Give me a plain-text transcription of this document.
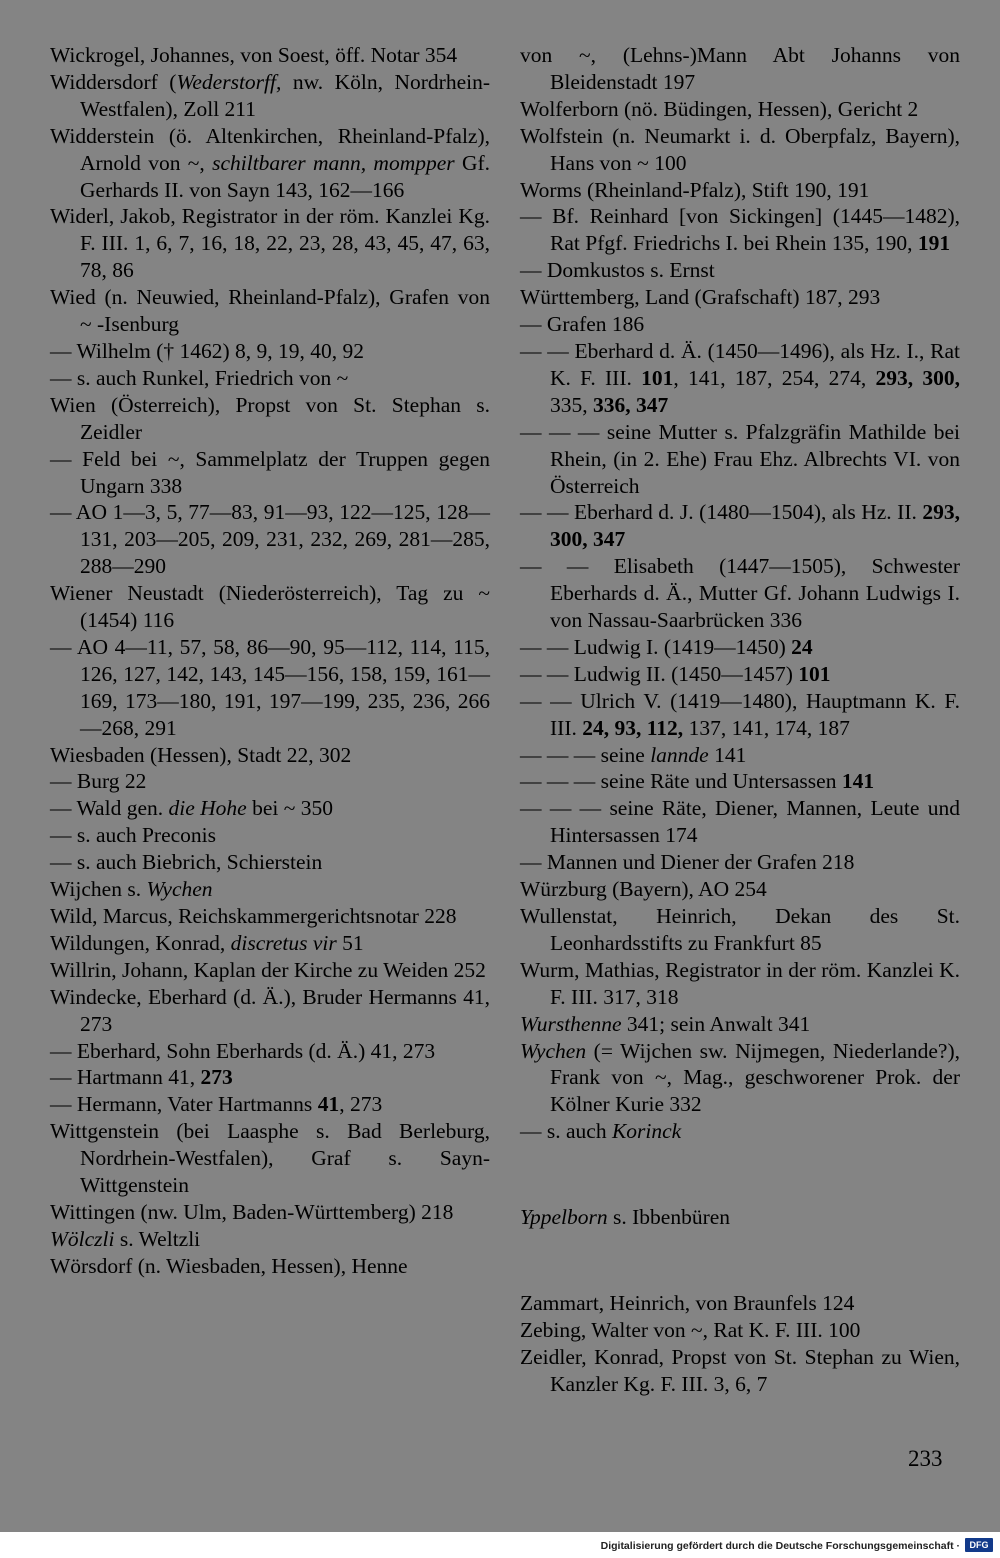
Wickrogel, Johannes, von Soest, öff. Notar 354

Widdersdorf (Wederstorff, nw. Köln, Nordrhein-Westfalen), Zoll 211

Widderstein (ö. Altenkirchen, Rheinland-Pfalz), Arnold von ~, schiltbarer mann, mompper Gf. Gerhards II. von Sayn 143, 162—166

Widerl, Jakob, Registrator in der röm. Kanzlei Kg. F. III. 1, 6, 7, 16, 18, 22, 23, 28, 43, 45, 47, 63, 78, 86

Wied (n. Neuwied, Rheinland-Pfalz), Grafen von ~ -Isenburg

— Wilhelm († 1462) 8, 9, 19, 40, 92

— s. auch Runkel, Friedrich von ~

Wien (Österreich), Propst von St. Stephan s. Zeidler

— Feld bei ~, Sammelplatz der Truppen gegen Ungarn 338

— AO 1—3, 5, 77—83, 91—93, 122—125, 128—131, 203—205, 209, 231, 232, 269, 281—285, 288—290

Wiener Neustadt (Niederösterreich), Tag zu ~ (1454) 116

— AO 4—11, 57, 58, 86—90, 95—112, 114, 115, 126, 127, 142, 143, 145—156, 158, 159, 161—169, 173—180, 191, 197—199, 235, 236, 266—268, 291

Wiesbaden (Hessen), Stadt 22, 302

— Burg 22

— Wald gen. die Hohe bei ~ 350

— s. auch Preconis

— s. auch Biebrich, Schierstein

Wijchen s. Wychen

Wild, Marcus, Reichskammergerichtsnotar 228

Wildungen, Konrad, discretus vir 51

Willrin, Johann, Kaplan der Kirche zu Weiden 252

Windecke, Eberhard (d. Ä.), Bruder Hermanns 41, 273

— Eberhard, Sohn Eberhards (d. Ä.) 41, 273

— Hartmann 41, 273

— Hermann, Vater Hartmanns 41, 273

Wittgenstein (bei Laasphe s. Bad Berleburg, Nordrhein-Westfalen), Graf s. Sayn-Wittgenstein

Wittingen (nw. Ulm, Baden-Württemberg) 218

Wölczli s. Weltzli

Wörsdorf (n. Wiesbaden, Hessen), Henne

von ~, (Lehns-)Mann Abt Johanns von Bleidenstadt 197

Wolferborn (nö. Büdingen, Hessen), Gericht 2

Wolfstein (n. Neumarkt i. d. Oberpfalz, Bayern), Hans von ~ 100

Worms (Rheinland-Pfalz), Stift 190, 191

— Bf. Reinhard [von Sickingen] (1445—1482), Rat Pfgf. Friedrichs I. bei Rhein 135, 190, 191

— Domkustos s. Ernst

Württemberg, Land (Grafschaft) 187, 293

— Grafen 186

— — Eberhard d. Ä. (1450—1496), als Hz. I., Rat K. F. III. 101, 141, 187, 254, 274, 293, 300, 335, 336, 347

— — — seine Mutter s. Pfalzgräfin Mathilde bei Rhein, (in 2. Ehe) Frau Ehz. Albrechts VI. von Österreich

— — Eberhard d. J. (1480—1504), als Hz. II. 293, 300, 347

— — Elisabeth (1447—1505), Schwester Eberhards d. Ä., Mutter Gf. Johann Ludwigs I. von Nassau-Saarbrücken 336

— — Ludwig I. (1419—1450) 24

— — Ludwig II. (1450—1457) 101

— — Ulrich V. (1419—1480), Hauptmann K. F. III. 24, 93, 112, 137, 141, 174, 187

— — — seine lannde 141

— — — seine Räte und Untersassen 141

— — — seine Räte, Diener, Mannen, Leute und Hintersassen 174

— Mannen und Diener der Grafen 218

Würzburg (Bayern), AO 254

Wullenstat, Heinrich, Dekan des St. Leonhardsstifts zu Frankfurt 85

Wurm, Mathias, Registrator in der röm. Kanzlei K. F. III. 317, 318

Wursthenne 341; sein Anwalt 341

Wychen (= Wijchen sw. Nijmegen, Niederlande?), Frank von ~, Mag., geschworener Prok. der Kölner Kurie 332

— s. auch Korinck

Yppelborn s. Ibbenbüren

Zammart, Heinrich, von Braunfels 124

Zebing, Walter von ~, Rat K. F. III. 100

Zeidler, Konrad, Propst von St. Stephan zu Wien, Kanzler Kg. F. III. 3, 6, 7

233
Digitalisierung gefördert durch die Deutsche Forschungsgemeinschaft ·	DFG
